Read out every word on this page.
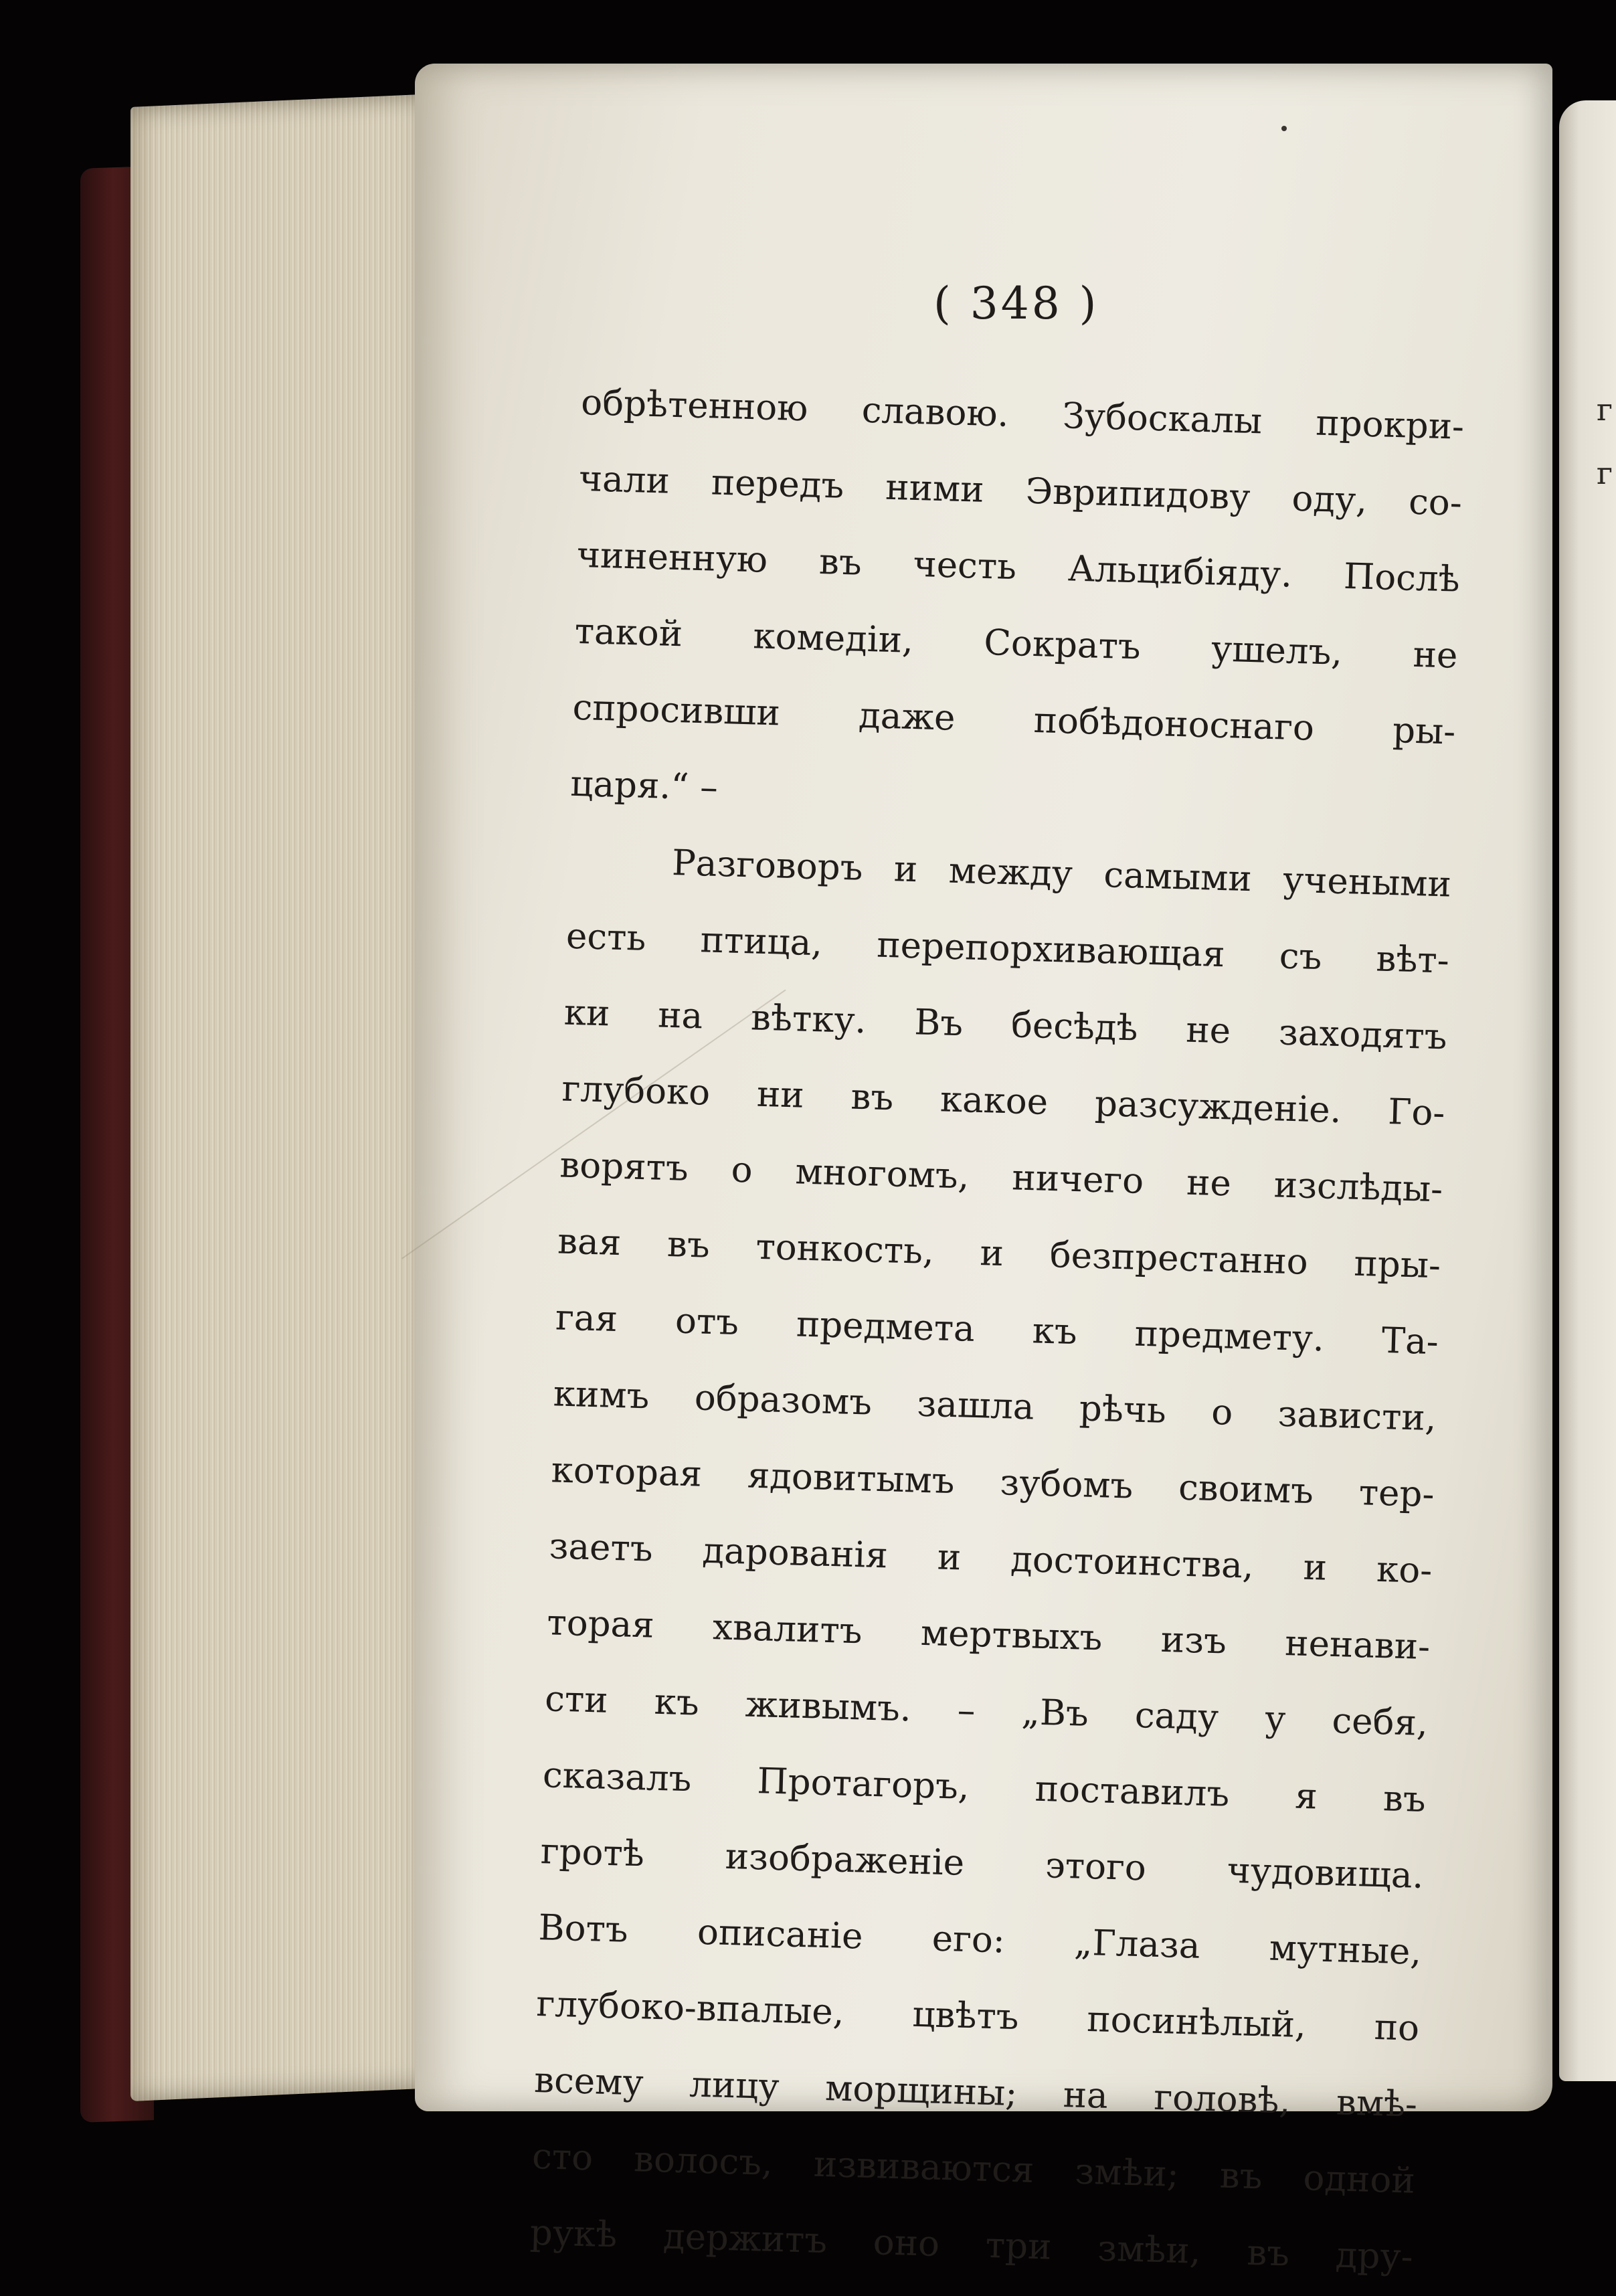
г
г
( 348 )
обрѣтенною славою. Зубоскалы прокри-
чали передъ ними Эврипидову оду, со-
чиненную въ честь Альцибіяду. Послѣ
такой комедіи, Сократъ ушелъ, не
спросивши даже побѣдоноснаго ры-
царя.“ –
Разговоръ и между самыми учеными
есть птица, перепорхивающая съ вѣт-
ки на вѣтку. Въ бесѣдѣ не заходятъ
глубоко ни въ какое разсужденіе. Го-
ворятъ о многомъ, ничего не изслѣды-
вая въ тонкость, и безпрестанно пры-
гая отъ предмета къ предмету. Та-
кимъ образомъ зашла рѣчь о зависти,
которая ядовитымъ зубомъ своимъ тер-
заетъ дарованія и достоинства, и ко-
торая хвалитъ мертвыхъ изъ ненави-
сти къ живымъ. – „Въ саду у себя,
сказалъ Протагоръ, поставилъ я въ
гротѣ изображеніе этого чудовища.
Вотъ описаніе его: „Глаза мутные,
глубоко-впалые, цвѣтъ посинѣлый, по
всему лицу морщины; на головѣ, вмѣ-
сто волосъ, извиваются змѣи; въ одной
рукѣ держитъ оно три змѣи, въ дру-
